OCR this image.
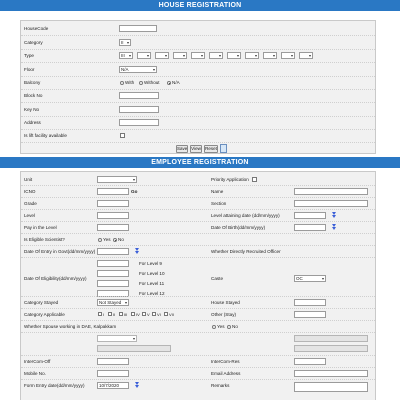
HOUSE REGISTRATION
HouseCode
Category	II
Type	III
Floor	N/A
Balcony	With Without	N/A
Block No
Key No
Address
Is lift facility available
Save View Reset
EMPLOYEE REGISTRATION
Unit	Priority Application
ICNO	Go	Name
Grade	Section
Level	Level attaining date (dd/mm/yyyy)
Pay in the Level	Date Of Birth(dd/mm/yyyy)
Is Eligible Scientist?	Yes No
Date Of Entry in Govt(dd/mm/yyyy)	Whether Directly Recruited Officer
Date Of Eligibility(dd/mm/yyyy)
For Level 9
For Level 10
For Level 11
For Level 12
Caste	OC
Category Stayed	Not Stayed	House Stayed
Category Applicable	I II III IV V VI VII	Other (Stay)
Whether Spouse working in DAE, Kalpakkam	Yes No
InterCom-Off	InterCom-Res
Mobile No.	Email Address
Form Entry date(dd/mm/yyyy)	10/7/2020	Remarks
